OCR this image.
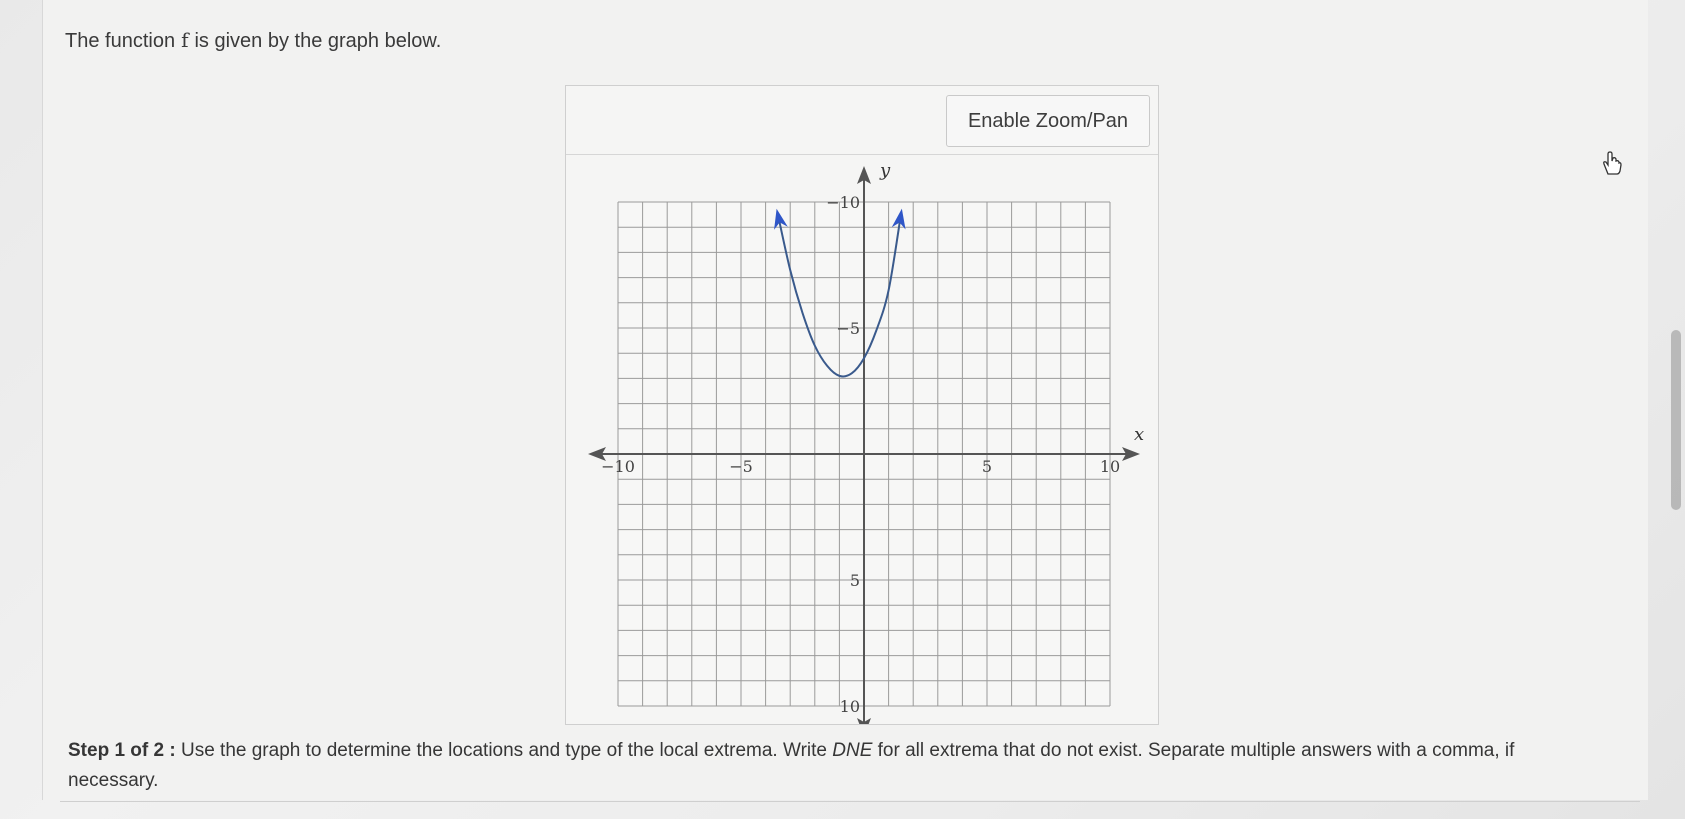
The function f is given by the graph below.
Enable Zoom/Pan
x
y
−10	−5	5	10
10
5
−5
−10
Step 1 of 2 : Use the graph to determine the locations and type of the local extrema. Write DNE for all extrema that do not exist. Separate multiple answers with a comma, if necessary.
